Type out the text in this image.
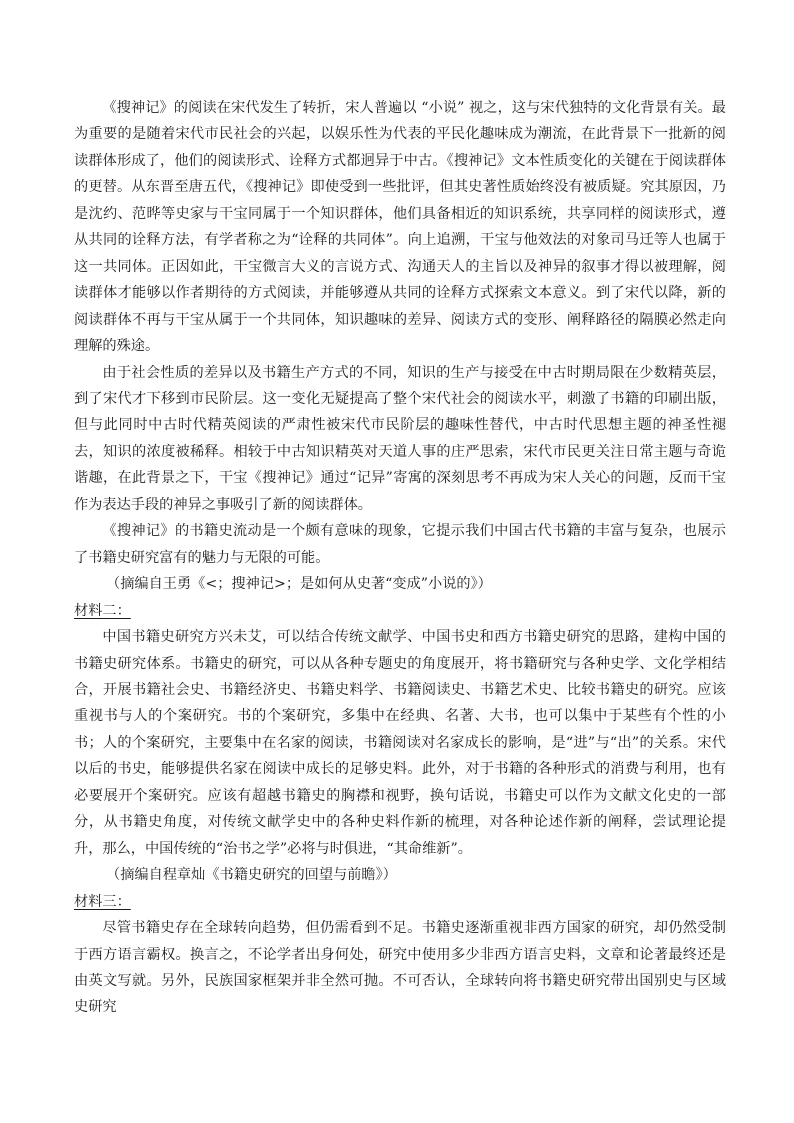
《搜神记》的阅读在宋代发生了转折，宋人普遍以 “小说” 视之，这与宋代独特的文化背景有关。最为重要的是随着宋代市民社会的兴起，以娱乐性为代表的平民化趣味成为潮流，在此背景下一批新的阅读群体形成了，他们的阅读形式、诠释方式都迥异于中古。《搜神记》文本性质变化的关键在于阅读群体的更替。从东晋至唐五代，《搜神记》即使受到一些批评，但其史著性质始终没有被质疑。究其原因，乃是沈约、范晔等史家与干宝同属于一个知识群体，他们具备相近的知识系统，共享同样的阅读形式，遵从共同的诠释方法，有学者称之为“诠释的共同体”。向上追溯，干宝与他效法的对象司马迁等人也属于这一共同体。正因如此，干宝微言大义的言说方式、沟通天人的主旨以及神异的叙事才得以被理解，阅读群体才能够以作者期待的方式阅读，并能够遵从共同的诠释方式探索文本意义。到了宋代以降，新的阅读群体不再与干宝从属于一个共同体，知识趣味的差异、阅读方式的变形、阐释路径的隔膜必然走向理解的殊途。

由于社会性质的差异以及书籍生产方式的不同，知识的生产与接受在中古时期局限在少数精英层，到了宋代才下移到市民阶层。这一变化无疑提高了整个宋代社会的阅读水平，刺激了书籍的印刷出版，但与此同时中古时代精英阅读的严肃性被宋代市民阶层的趣味性替代，中古时代思想主题的神圣性褪去，知识的浓度被稀释。相较于中古知识精英对天道人事的庄严思索，宋代市民更关注日常主题与奇诡谐趣，在此背景之下，干宝《搜神记》通过“记异”寄寓的深刻思考不再成为宋人关心的问题，反而干宝作为表达手段的神异之事吸引了新的阅读群体。

《搜神记》的书籍史流动是一个颇有意味的现象，它提示我们中国古代书籍的丰富与复杂，也展示了书籍史研究富有的魅力与无限的可能。

（摘编自王勇《<；搜神记>；是如何从史著“变成”小说的》）

材料二：

中国书籍史研究方兴未艾，可以结合传统文献学、中国书史和西方书籍史研究的思路，建构中国的书籍史研究体系。书籍史的研究，可以从各种专题史的角度展开，将书籍研究与各种史学、文化学相结合，开展书籍社会史、书籍经济史、书籍史料学、书籍阅读史、书籍艺术史、比较书籍史的研究。应该重视书与人的个案研究。书的个案研究，多集中在经典、名著、大书，也可以集中于某些有个性的小书；人的个案研究，主要集中在名家的阅读，书籍阅读对名家成长的影响，是“进”与“出”的关系。宋代以后的书史，能够提供名家在阅读中成长的足够史料。此外，对于书籍的各种形式的消费与利用，也有必要展开个案研究。应该有超越书籍史的胸襟和视野，换句话说，书籍史可以作为文献文化史的一部分，从书籍史角度，对传统文献学史中的各种史料作新的梳理，对各种论述作新的阐释，尝试理论提升，那么，中国传统的“治书之学”必将与时俱进，“其命维新”。

（摘编自程章灿《书籍史研究的回望与前瞻》）

材料三：

尽管书籍史存在全球转向趋势，但仍需看到不足。书籍史逐渐重视非西方国家的研究，却仍然受制于西方语言霸权。换言之，不论学者出身何处，研究中使用多少非西方语言史料，文章和论著最终还是由英文写就。另外，民族国家框架并非全然可抛。不可否认，全球转向将书籍史研究带出国别史与区域史研究
